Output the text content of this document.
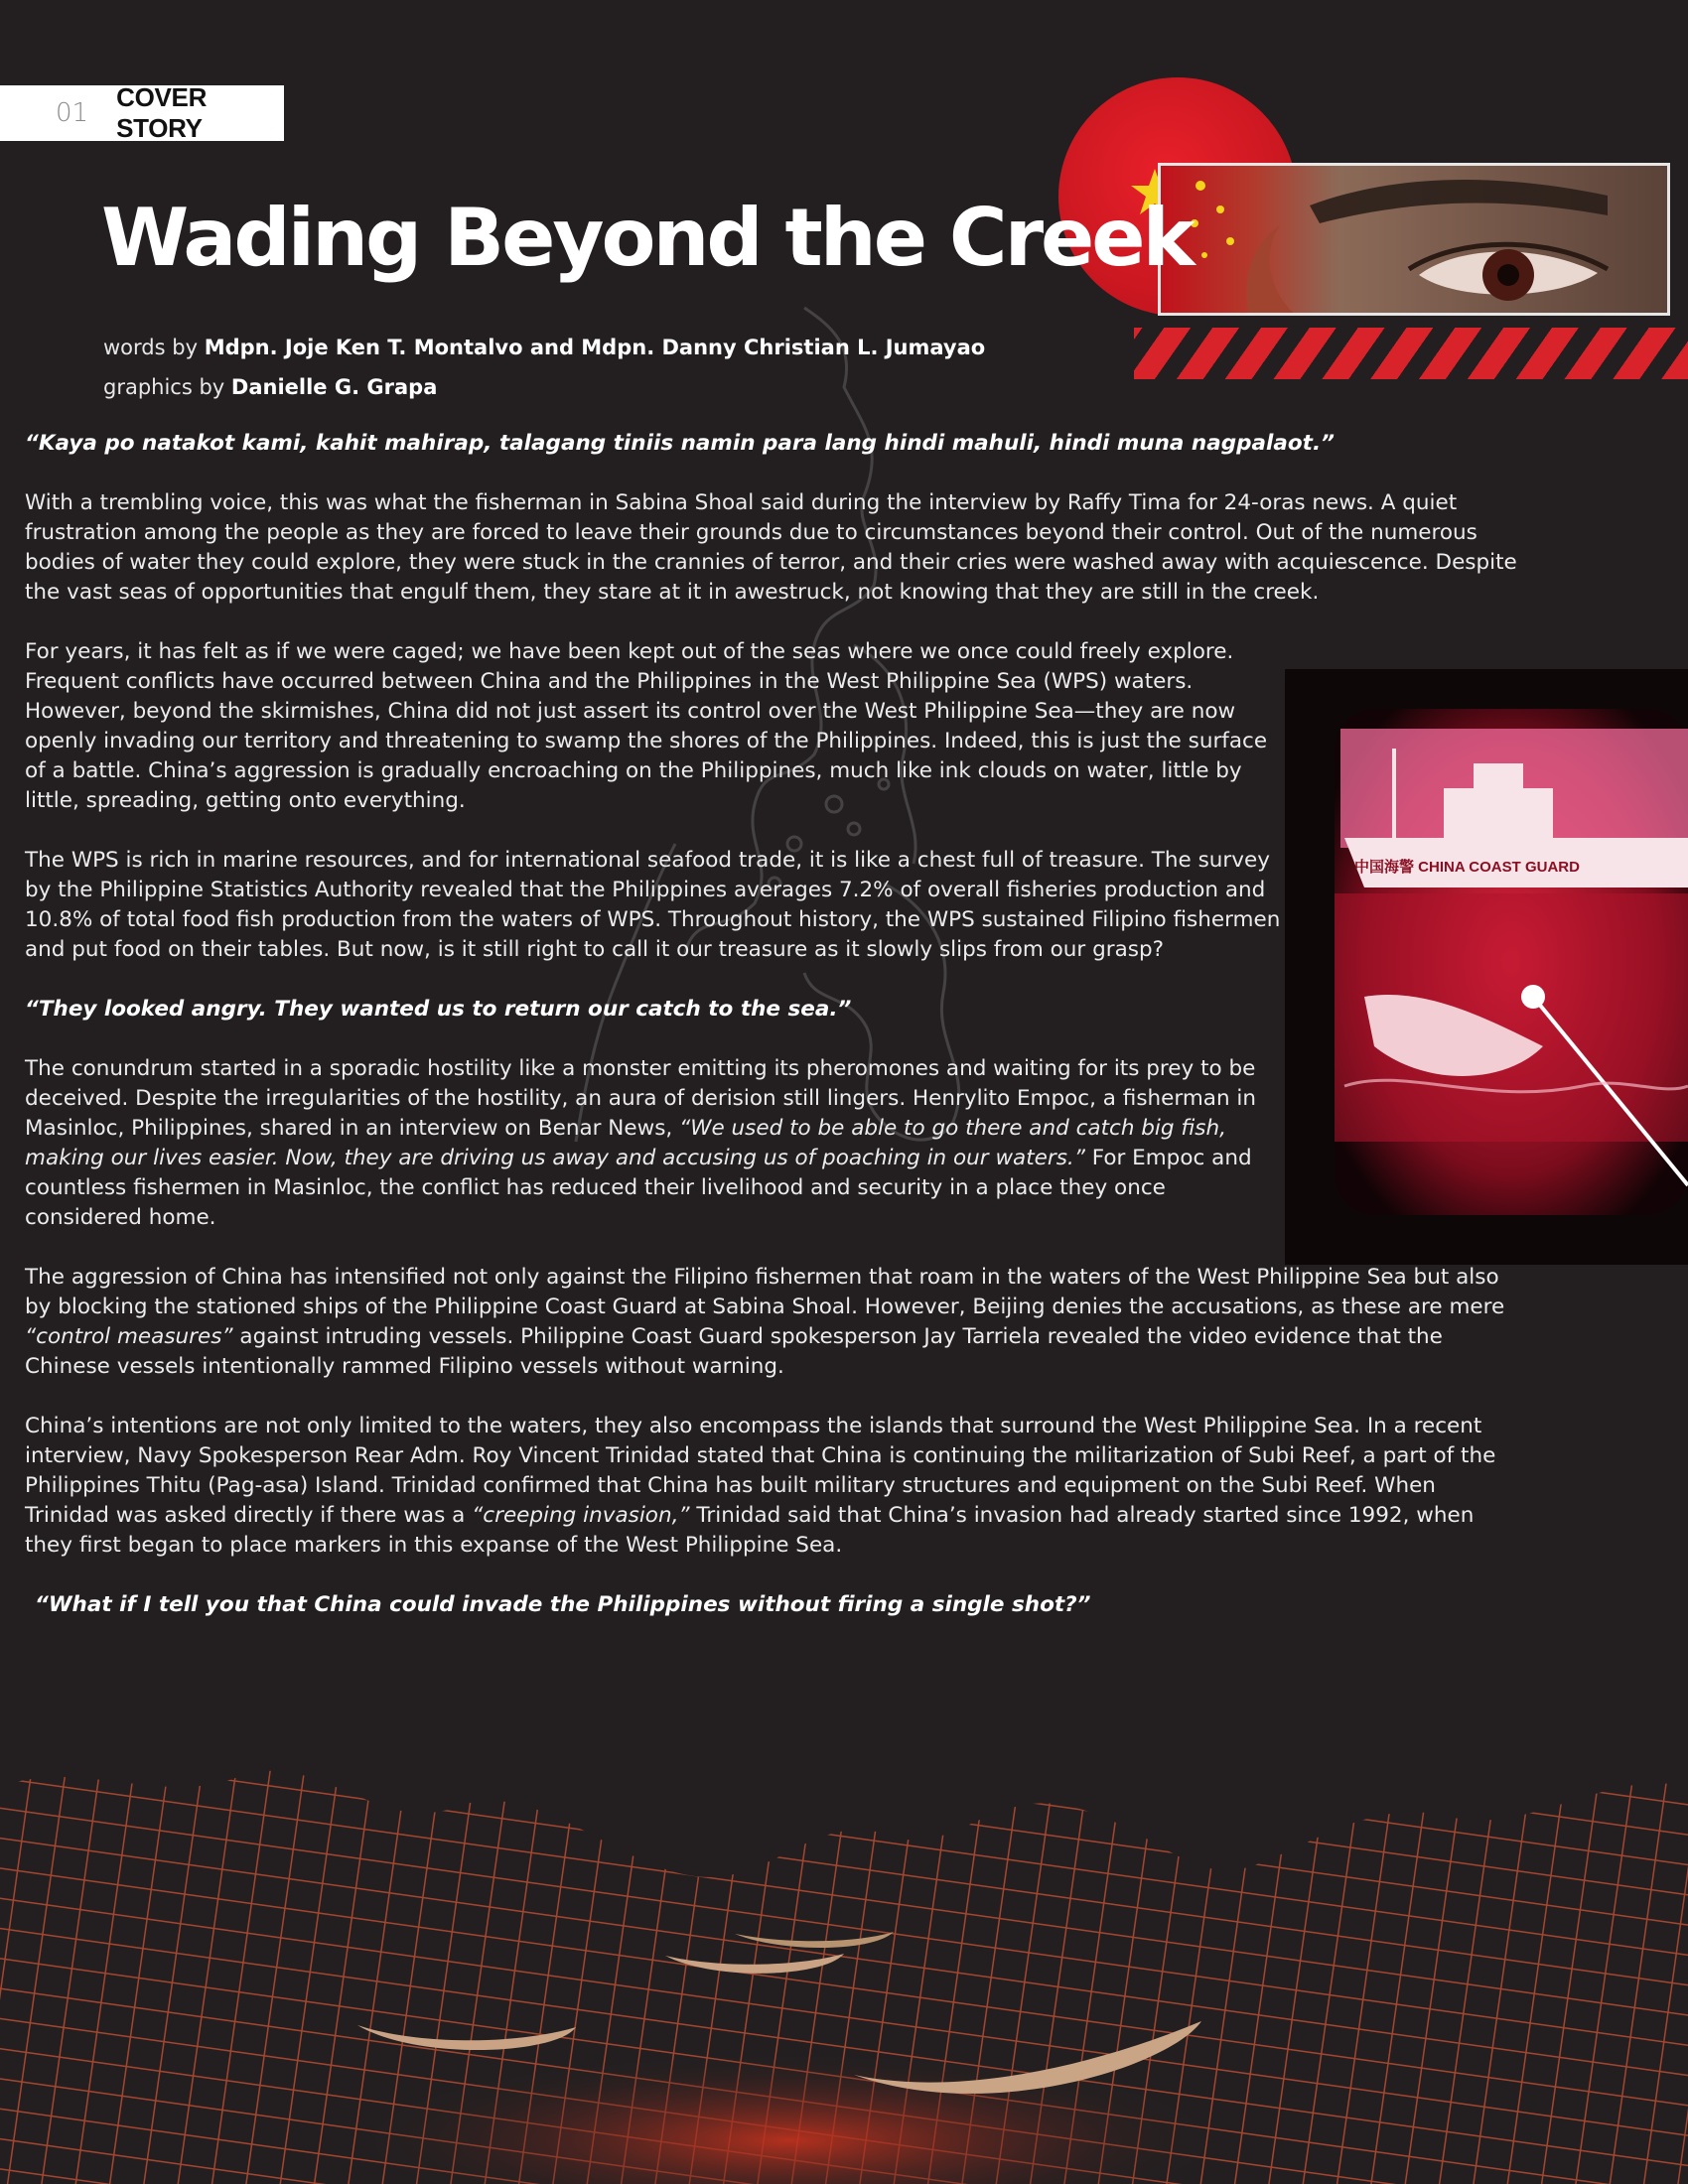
01
COVER STORY
Wading Beyond the Creek
words by Mdpn. Joje Ken T. Montalvo and Mdpn. Danny Christian L. Jumayao
graphics by Danielle G. Grapa
中国海警 CHINA COAST GUARD

“Kaya po natakot kami, kahit mahirap, talagang tiniis namin para lang hindi mahuli, hindi muna nagpalaot.”

With a trembling voice, this was what the fisherman in Sabina Shoal said during the interview by Raffy Tima for 24-oras news. A quiet frustration among the people as they are forced to leave their grounds due to circumstances beyond their control. Out of the numerous bodies of water they could explore, they were stuck in the crannies of terror, and their cries were washed away with acquiescence. Despite the vast seas of opportunities that engulf them, they stare at it in awestruck, not knowing that they are still in the creek.

For years, it has felt as if we were caged; we have been kept out of the seas where we once could freely explore. Frequent conflicts have occurred between China and the Philippines in the West Philippine Sea (WPS) waters. However, beyond the skirmishes, China did not just assert its control over the West Philippine Sea—they are now openly invading our territory and threatening to swamp the shores of the Philippines. Indeed, this is just the surface of a battle. China’s aggression is gradually encroaching on the Philippines, much like ink clouds on water, little by little, spreading, getting onto everything.

The WPS is rich in marine resources, and for international seafood trade, it is like a chest full of treasure. The survey by the Philippine Statistics Authority revealed that the Philippines averages 7.2% of overall fisheries production and 10.8% of total food fish production from the waters of WPS. Throughout history, the WPS sustained Filipino fishermen and put food on their tables. But now, is it still right to call it our treasure as it slowly slips from our grasp?

“They looked angry. They wanted us to return our catch to the sea.”

The conundrum started in a sporadic hostility like a monster emitting its pheromones and waiting for its prey to be deceived. Despite the irregularities of the hostility, an aura of derision still lingers. Henrylito Empoc, a fisherman in Masinloc, Philippines, shared in an interview on Benar News, “We used to be able to go there and catch big fish, making our lives easier. Now, they are driving us away and accusing us of poaching in our waters.” For Empoc and countless fishermen in Masinloc, the conflict has reduced their livelihood and security in a place they once considered home.

The aggression of China has intensified not only against the Filipino fishermen that roam in the waters of the West Philippine Sea but also by blocking the stationed ships of the Philippine Coast Guard at Sabina Shoal. However, Beijing denies the accusations, as these are mere “control measures” against intruding vessels. Philippine Coast Guard spokesperson Jay Tarriela revealed the video evidence that the Chinese vessels intentionally rammed Filipino vessels without warning.

China’s intentions are not only limited to the waters, they also encompass the islands that surround the West Philippine Sea. In a recent interview, Navy Spokesperson Rear Adm. Roy Vincent Trinidad stated that China is continuing the militarization of Subi Reef, a part of the Philippines Thitu (Pag-asa) Island. Trinidad confirmed that China has built military structures and equipment on the Subi Reef. When Trinidad was asked directly if there was a “creeping invasion,” Trinidad said that China’s invasion had already started since 1992, when they first began to place markers in this expanse of the West Philippine Sea.

“What if I tell you that China could invade the Philippines without firing a single shot?”
